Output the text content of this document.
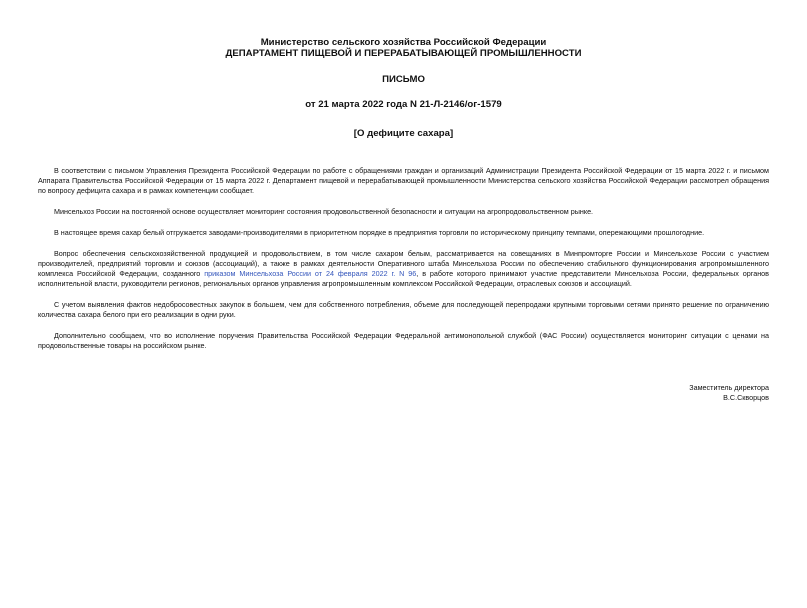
Министерство сельского хозяйства Российской Федерации
ДЕПАРТАМЕНТ ПИЩЕВОЙ И ПЕРЕРАБАТЫВАЮЩЕЙ ПРОМЫШЛЕННОСТИ
ПИСЬМО
от 21 марта 2022 года N 21-Л-2146/ог-1579
[О дефиците сахара]

В соответствии с письмом Управления Президента Российской Федерации по работе с обращениями граждан и организаций Администрации Президента Российской Федерации от 15 марта 2022 г. и письмом Аппарата Правительства Российской Федерации от 15 марта 2022 г. Департамент пищевой и перерабатывающей промышленности Министерства сельского хозяйства Российской Федерации рассмотрел обращения по вопросу дефицита сахара и в рамках компетенции сообщает.

Минсельхоз России на постоянной основе осуществляет мониторинг состояния продовольственной безопасности и ситуации на агропродовольственном рынке.

В настоящее время сахар белый отгружается заводами-производителями в приоритетном порядке в предприятия торговли по историческому принципу темпами, опережающими прошлогодние.

Вопрос обеспечения сельскохозяйственной продукцией и продовольствием, в том числе сахаром белым, рассматривается на совещаниях в Минпромторге России и Минсельхозе России с участием производителей, предприятий торговли и союзов (ассоциаций), а также в рамках деятельности Оперативного штаба Минсельхоза России по обеспечению стабильного функционирования агропромышленного комплекса Российской Федерации, созданного приказом Минсельхоза России от 24 февраля 2022 г. N 96, в работе которого принимают участие представители Минсельхоза России, федеральных органов исполнительной власти, руководители регионов, региональных органов управления агропромышленным комплексом Российской Федерации, отраслевых союзов и ассоциаций.

С учетом выявления фактов недобросовестных закупок в большем, чем для собственного потребления, объеме для последующей перепродажи крупными торговыми сетями принято решение по ограничению количества сахара белого при его реализации в одни руки.

Дополнительно сообщаем, что во исполнение поручения Правительства Российской Федерации Федеральной антимонопольной службой (ФАС России) осуществляется мониторинг ситуации с ценами на продовольственные товары на российском рынке.

Заместитель директора
В.С.Скворцов
